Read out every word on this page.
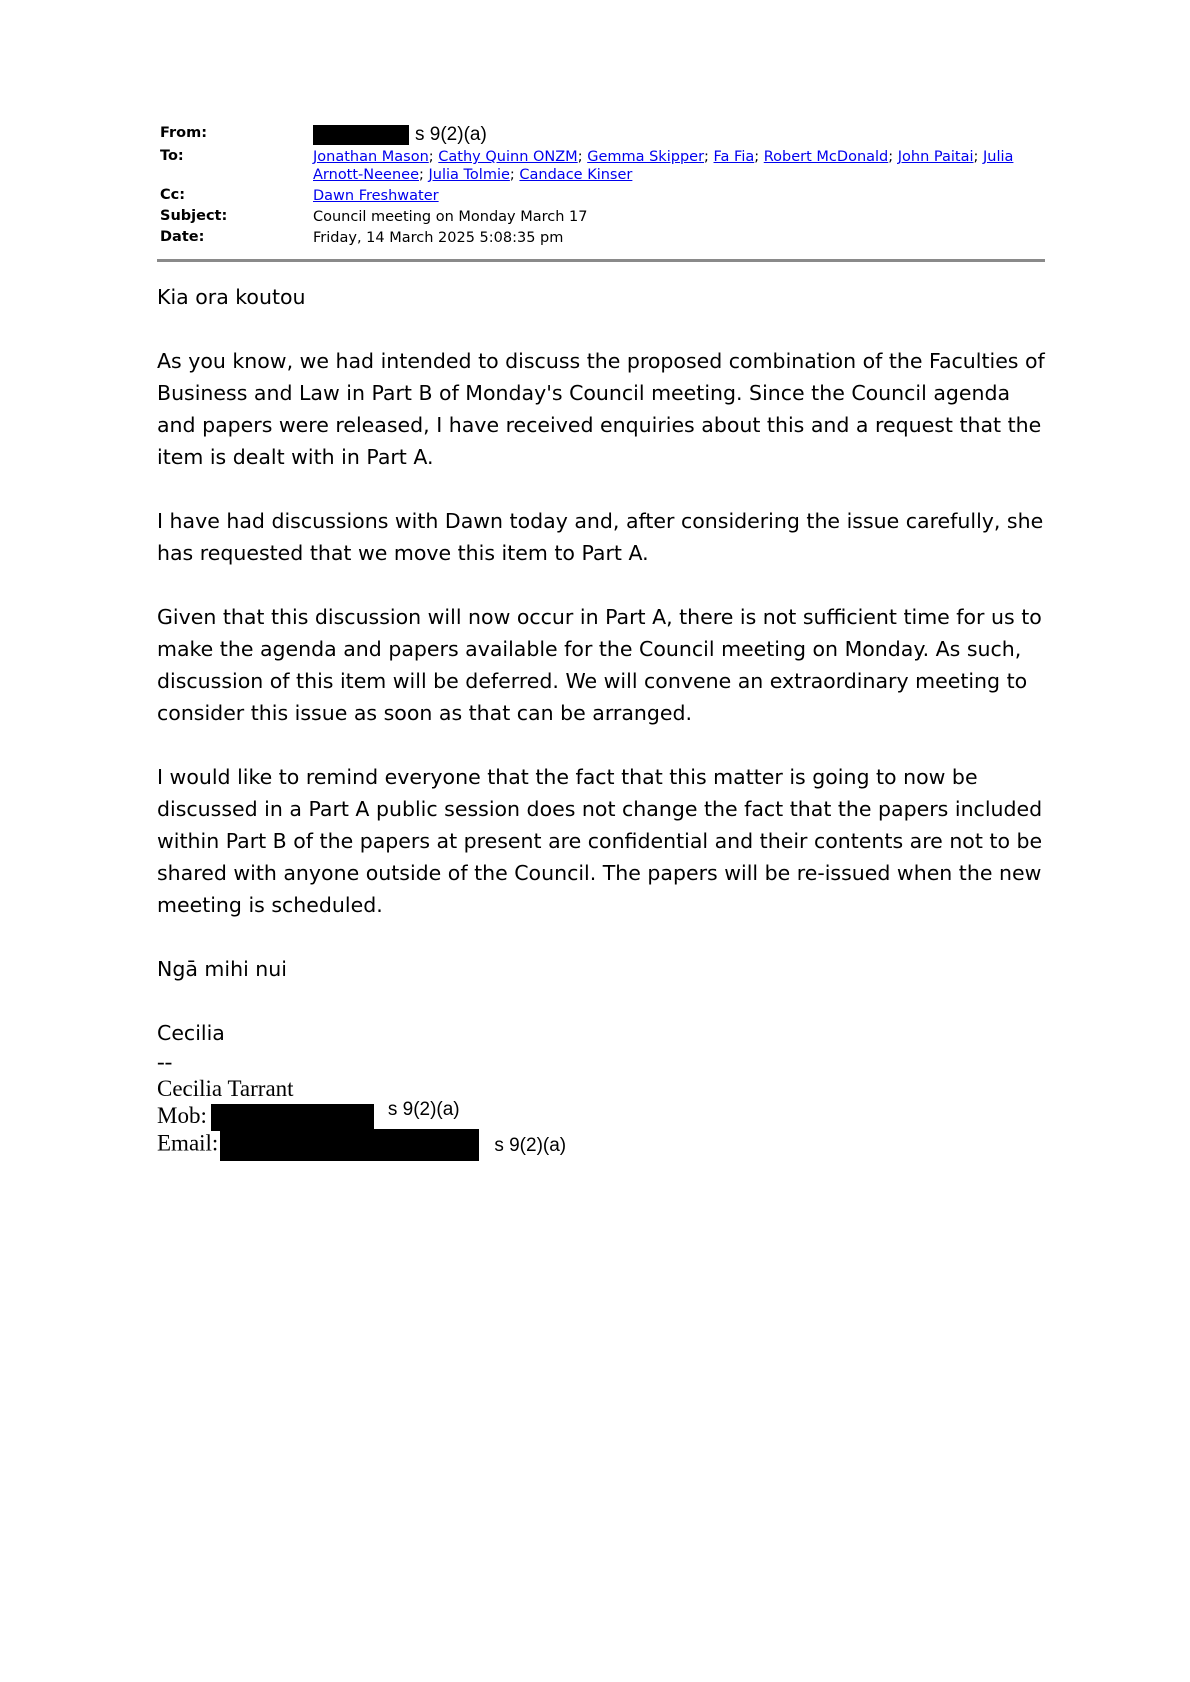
From:	s 9(2)(a)
To:	Jonathan Mason; Cathy Quinn ONZM; Gemma Skipper; Fa Fia; Robert McDonald; John Paitai; Julia Arnott-Neenee; Julia Tolmie; Candace Kinser
Cc:	Dawn Freshwater
Subject:	Council meeting on Monday March 17
Date:	Friday, 14 March 2025 5:08:35 pm

Kia ora koutou

As you know, we had intended to discuss the proposed combination of the Faculties of Business and Law in Part B of Monday's Council meeting. Since the Council agenda and papers were released, I have received enquiries about this and a request that the item is dealt with in Part A.

I have had discussions with Dawn today and, after considering the issue carefully, she has requested that we move this item to Part A.

Given that this discussion will now occur in Part A, there is not sufficient time for us to make the agenda and papers available for the Council meeting on Monday. As such, discussion of this item will be deferred. We will convene an extraordinary meeting to consider this issue as soon as that can be arranged.

I would like to remind everyone that the fact that this matter is going to now be discussed in a Part A public session does not change the fact that the papers included within Part B of the papers at present are confidential and their contents are not to be shared with anyone outside of the Council. The papers will be re-issued when the new meeting is scheduled.

Ngā mihi nui

Cecilia

--
Cecilia Tarrant
Mob:	$^{s 9(2)(a)}$
Email:	s 9(2)(a)
